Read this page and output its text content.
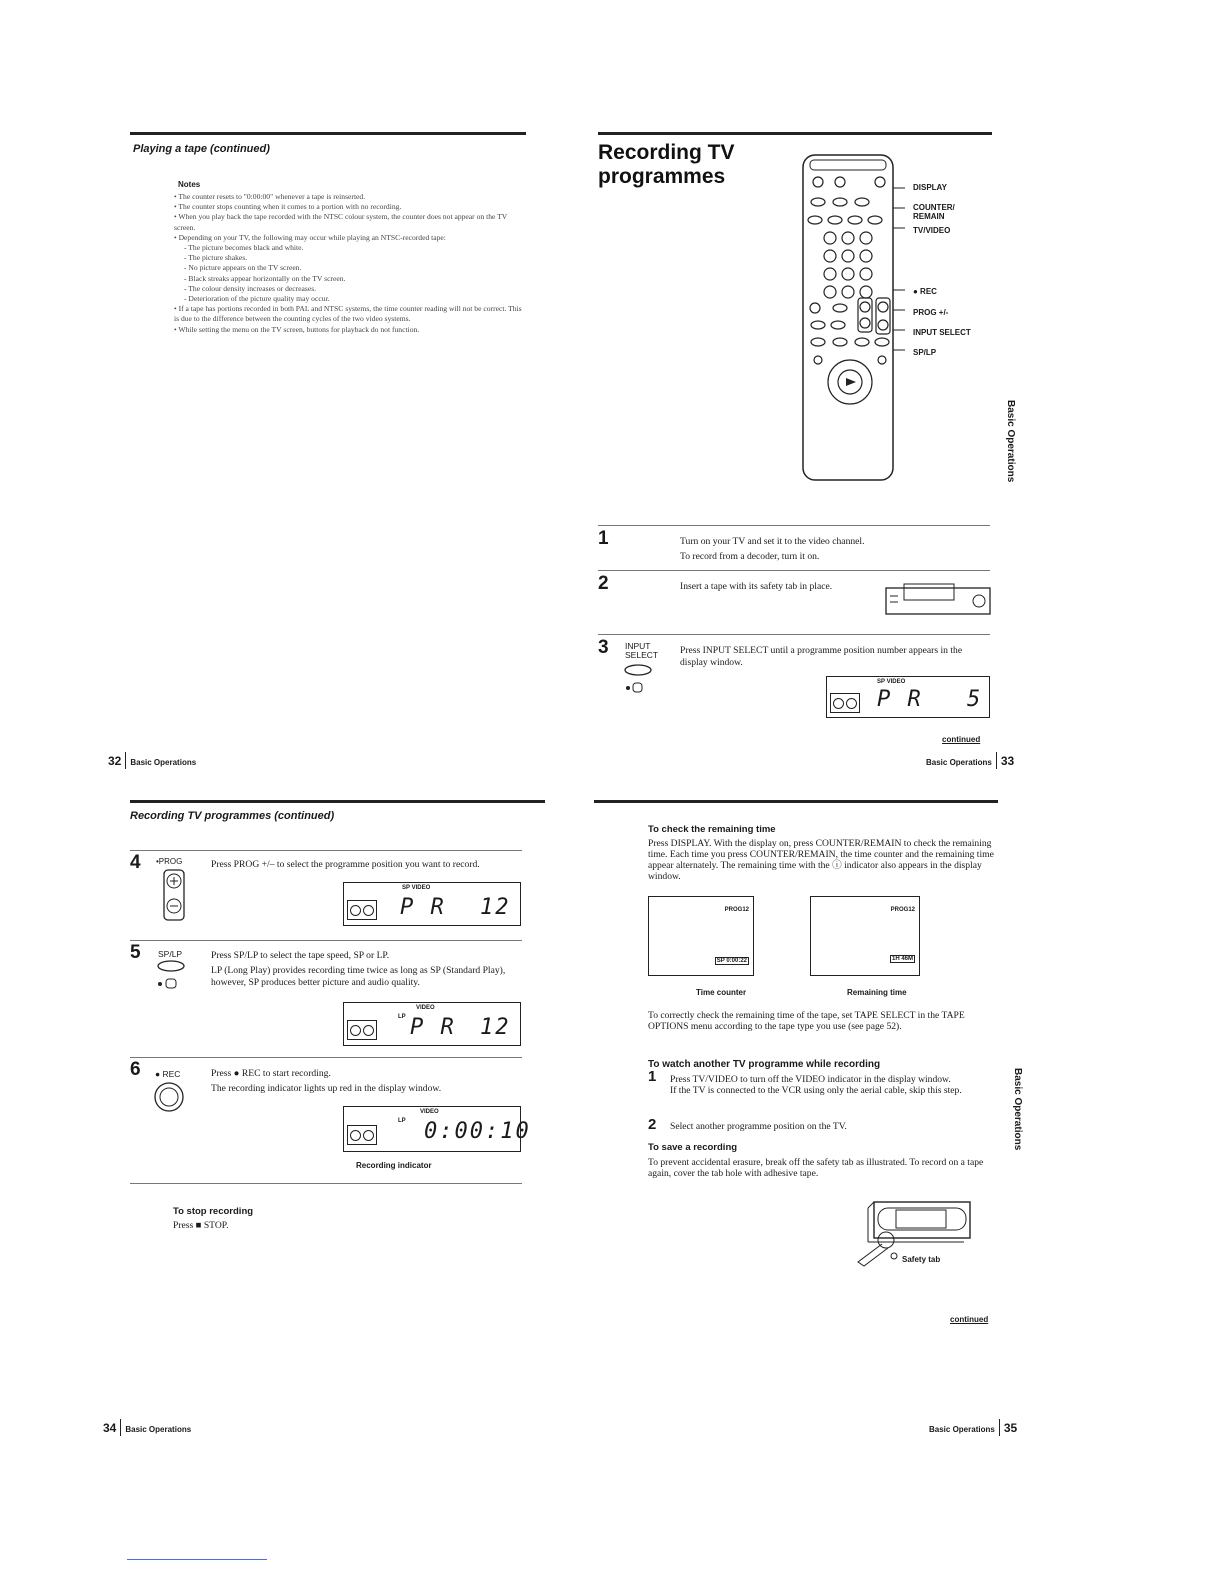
Playing a tape (continued)
Notes
• The counter resets to "0:00:00" whenever a tape is reinserted.
• The counter stops counting when it comes to a portion with no recording.
• When you play back the tape recorded with the NTSC colour system, the counter does not appear on the TV screen.
• Depending on your TV, the following may occur while playing an NTSC-recorded tape:
- The picture becomes black and white.
- The picture shakes.
- No picture appears on the TV screen.
- Black streaks appear horizontally on the TV screen.
- The colour density increases or decreases.
- Deterioration of the picture quality may occur.
• If a tape has portions recorded in both PAL and NTSC systems, the time counter reading will not be correct. This is due to the difference between the counting cycles of the two video systems.
• While setting the menu on the TV screen, buttons for playback do not function.
32 Basic Operations
Recording TV
programmes	DISPLAY
COUNTER/
REMAIN
TV/VIDEO
● REC
PROG +/-
INPUT SELECT
SP/LP
Basic Operations
1	Turn on your TV and set it to the video channel.
To record from a decoder, turn it on.
2	Insert a tape with its safety tab in place.
3 INPUT
SELECT Press INPUT SELECT until a programme position number appears in the display window.
SP VIDEO
P R 5
continued
Basic Operations 33
Recording TV programmes (continued)
4 •PROG	Press PROG +/– to select the programme position you want to record.
SP VIDEO
P R 12
5 SP/LP	Press SP/LP to select the tape speed, SP or LP.
LP (Long Play) provides recording time twice as long as SP (Standard Play), however, SP produces better picture and audio quality.
VIDEO
LP P R 12
6 ● REC	Press ● REC to start recording.
The recording indicator lights up red in the display window.
VIDEO
LP 0:00:10
Recording indicator
To stop recording
Press ■ STOP.
34 Basic Operations
To check the remaining time
Press DISPLAY. With the display on, press COUNTER/REMAIN to check the remaining time. Each time you press COUNTER/REMAIN, the time counter and the remaining time appear alternately. The remaining time with the ⓘ indicator also appears in the display window.
PROG12
SP 0:00:22
Time counter
PROG12
1H 46M
Remaining time
To correctly check the remaining time of the tape, set TAPE SELECT in the TAPE OPTIONS menu according to the tape type you use (see page 52).
To watch another TV programme while recording
1 Press TV/VIDEO to turn off the VIDEO indicator in the display window.
If the TV is connected to the VCR using only the aerial cable, skip this step.
2 Select another programme position on the TV.
To save a recording
To prevent accidental erasure, break off the safety tab as illustrated. To record on a tape again, cover the tab hole with adhesive tape.
Safety tab
Basic Operations
continued
Basic Operations 35
